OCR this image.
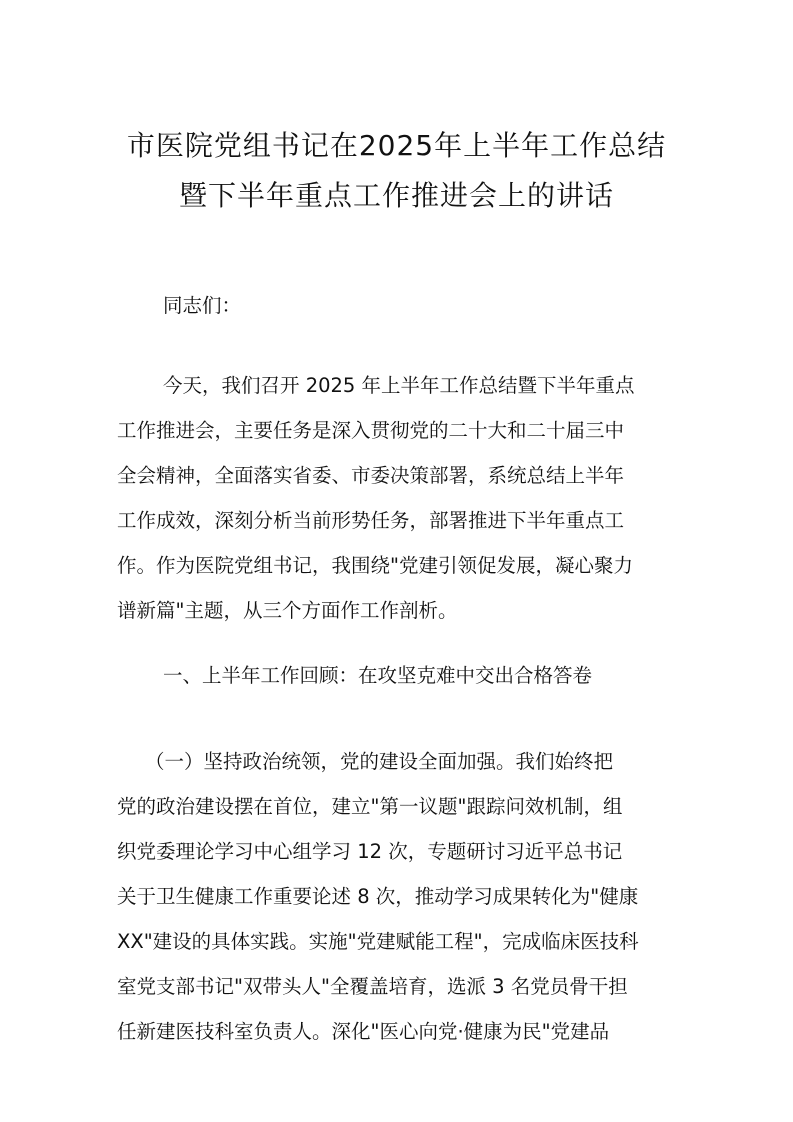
市医院党组书记在2025年上半年工作总结
暨下半年重点工作推进会上的讲话
同志们：
今天，我们召开 2025 年上半年工作总结暨下半年重点
工作推进会，主要任务是深入贯彻党的二十大和二十届三中
全会精神，全面落实省委、市委决策部署，系统总结上半年
工作成效，深刻分析当前形势任务，部署推进下半年重点工
作。作为医院党组书记，我围绕"党建引领促发展，凝心聚力
谱新篇"主题，从三个方面作工作剖析。
一、上半年工作回顾：在攻坚克难中交出合格答卷
（一）坚持政治统领，党的建设全面加强。我们始终把
党的政治建设摆在首位，建立"第一议题"跟踪问效机制，组
织党委理论学习中心组学习 12 次，专题研讨习近平总书记
关于卫生健康工作重要论述 8 次，推动学习成果转化为"健康
XX"建设的具体实践。实施"党建赋能工程"，完成临床医技科
室党支部书记"双带头人"全覆盖培育，选派 3 名党员骨干担
任新建医技科室负责人。深化"医心向党·健康为民"党建品
